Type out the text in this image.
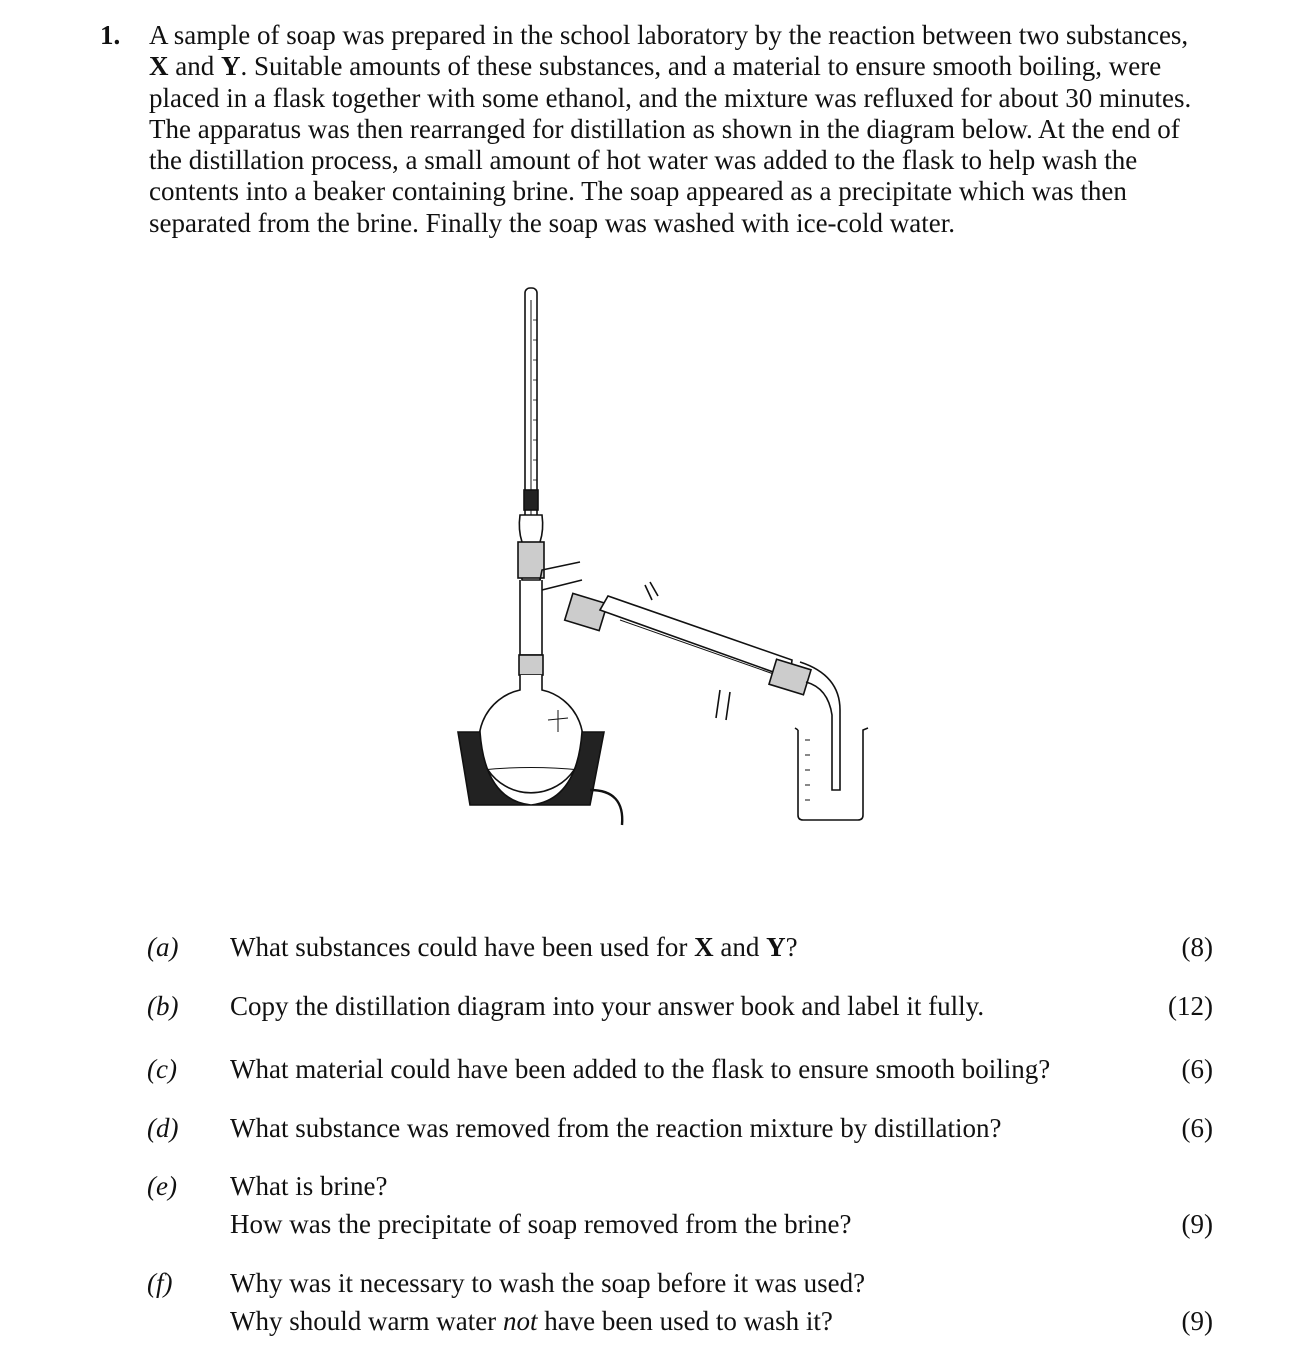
1. A sample of soap was prepared in the school laboratory by the reaction between two substances,
X and Y. Suitable amounts of these substances, and a material to ensure smooth boiling, were
placed in a flask together with some ethanol, and the mixture was refluxed for about 30 minutes.
The apparatus was then rearranged for distillation as shown in the diagram below. At the end of
the distillation process, a small amount of hot water was added to the flask to help wash the
contents into a beaker containing brine. The soap appeared as a precipitate which was then
separated from the brine. Finally the soap was washed with ice-cold water.
(a) What substances could have been used for X and Y?	(8)
(b) Copy the distillation diagram into your answer book and label it fully.	(12)
(c) What material could have been added to the flask to ensure smooth boiling?	(6)
(d) What substance was removed from the reaction mixture by distillation?	(6)
(e) What is brine?
How was the precipitate of soap removed from the brine?	(9)
(f) Why was it necessary to wash the soap before it was used?
Why should warm water not have been used to wash it?	(9)
